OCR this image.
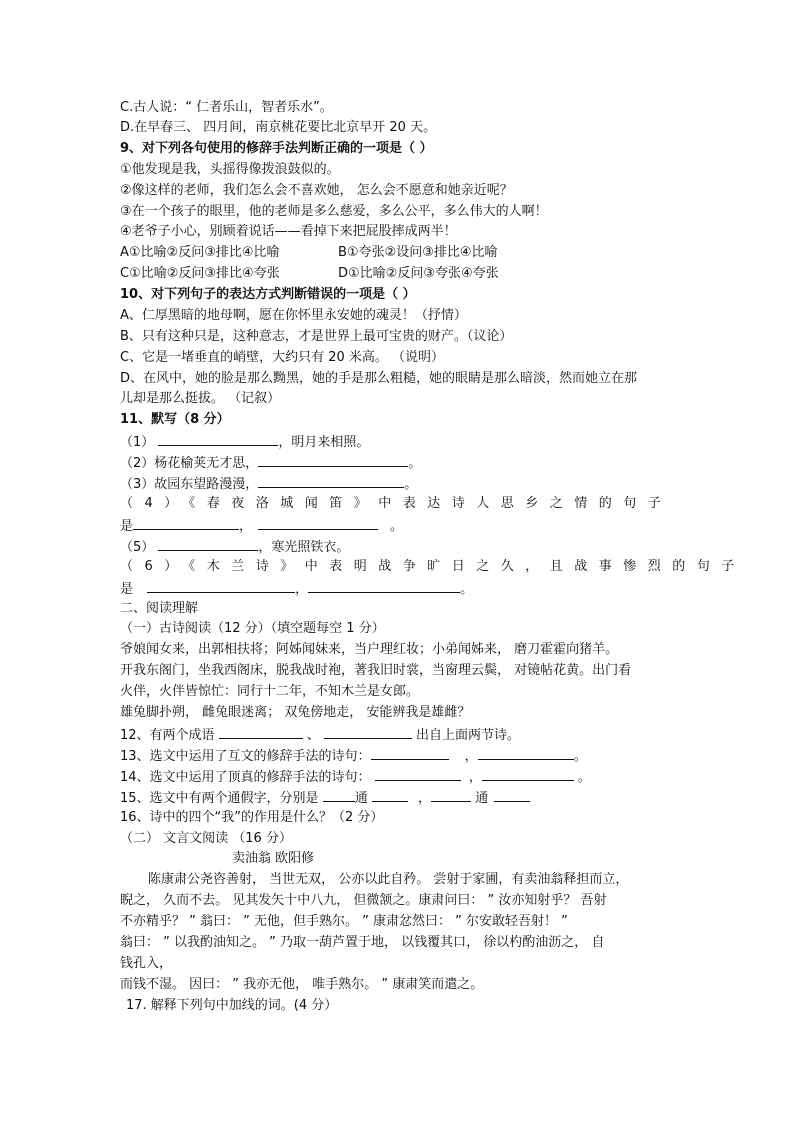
C.古人说：“ 仁者乐山，智者乐水”。
D.在早春三、 四月间，南京桃花要比北京早开 20 天。
9、对下列各句使用的修辞手法判断正确的一项是（ ）
①他发现是我，头摇得像拨浪鼓似的。
②像这样的老师，我们怎么会不喜欢她， 怎么会不愿意和她亲近呢？
③在一个孩子的眼里，他的老师是多么慈爱，多么公平，多么伟大的人啊！
④老爷子小心，别顾着说话——看掉下来把屁股摔成两半！
A①比喻②反问③排比④比喻	B①夸张②设问③排比④比喻
C①比喻②反问③排比④夸张	D①比喻②反问③夸张④夸张
10、对下列句子的表达方式判断错误的一项是（ ）
A、仁厚黑暗的地母啊，愿在你怀里永安她的魂灵！（抒情）
B、只有这种只是，这种意志，才是世界上最可宝贵的财产。（议论）
C、它是一堵垂直的峭壁，大约只有 20 米高。 （说明）
D、在风中，她的脸是那么黝黑，她的手是那么粗糙，她的眼睛是那么暗淡，然而她立在那
儿却是那么挺拔。 （记叙）
11、默写（8 分）
（1）	，明月来相照。
（2）杨花榆荚无才思，	。
（3）故园东望路漫漫，	。
（4）《春夜洛城闻笛》中表达诗人思乡之情的句子
是	，	。
（5）	，寒光照铁衣。
（6）《木兰诗》中表明战争旷日之久，且战事惨烈的句子
是	，	。
二、阅读理解
（一）古诗阅读（12 分）（填空题每空 1 分）
爷娘闻女来，出郭相扶将；阿姊闻妹来，当户理红妆；小弟闻姊来， 磨刀霍霍向猪羊。
开我东阁门，坐我西阁床，脱我战时袍，著我旧时裳，当窗理云鬓， 对镜帖花黄。出门看
火伴，火伴皆惊忙：同行十二年，不知木兰是女郎。
雄兔脚扑朔， 雌兔眼迷离； 双兔傍地走， 安能辨我是雄雌？
12、有两个成语	、	出自上面两节诗。
13、选文中运用了互文的修辞手法的诗句：	，	。
14、选文中运用了顶真的修辞手法的诗句：	，	。
15、选文中有两个通假字，分别是 通	，	通
16、诗中的四个“我”的作用是什么？（2 分）
（二） 文言文阅读 （16 分）
卖油翁 欧阳修
陈康肃公尧咨善射， 当世无双， 公亦以此自矜。 尝射于家圃，有卖油翁释担而立，
睨之， 久而不去。 见其发矢十中八九， 但微颔之。康肃问曰： ” 汝亦知射乎？ 吾射
不亦精乎？ ” 翁曰： ” 无他，但手熟尔。 ” 康肃忿然曰： ” 尔安敢轻吾射！ ”
翁曰： ” 以我酌油知之。 ” 乃取一葫芦置于地， 以钱覆其口， 徐以杓酌油沥之， 自
钱孔入，
而钱不湿。 因曰： ” 我亦无他， 唯手熟尔。 ” 康肃笑而遣之。
17. 解释下列句中加线的词。(4 分）
